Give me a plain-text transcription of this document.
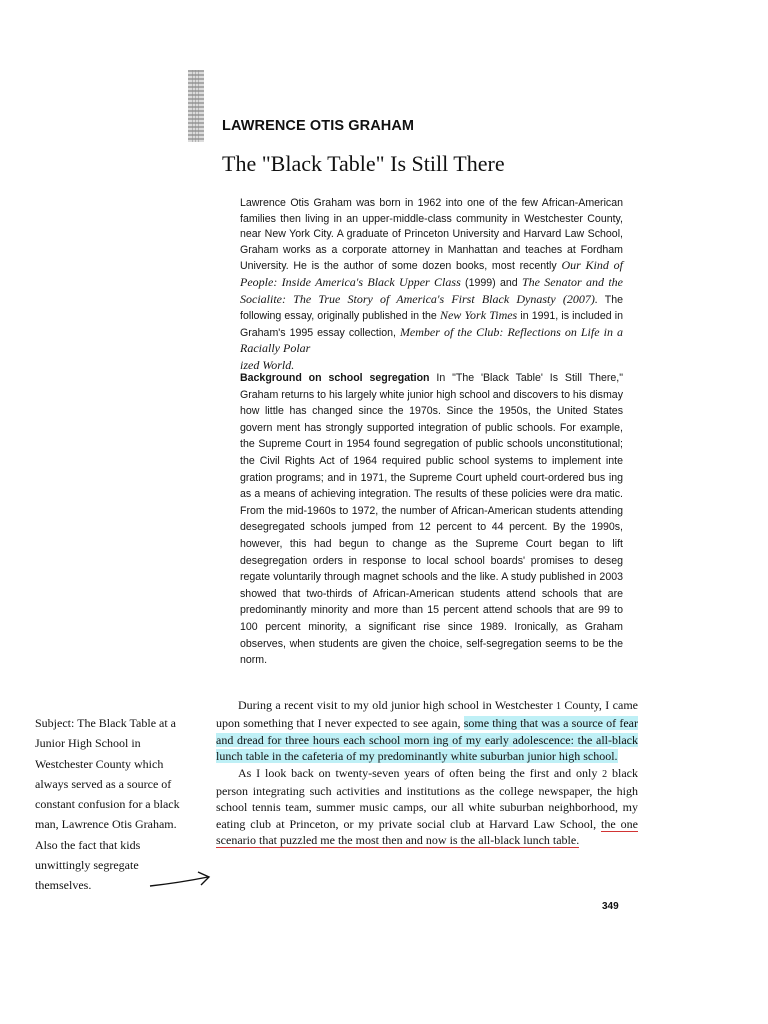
LAWRENCE OTIS GRAHAM
The "Black Table" Is Still There

Lawrence Otis Graham was born in 1962 into one of the few African-American families then living in an upper-middle-class community in Westchester County, near New York City. A graduate of Princeton University and Harvard Law School, Graham works as a corporate attorney in Manhattan and teaches at Fordham University. He is the author of some dozen books, most recently Our Kind of People: Inside America's Black Upper Class (1999) and The Senator and the Socialite: The True Story of America's First Black Dynasty (2007). The following essay, originally published in the New York Times in 1991, is included in Graham's 1995 essay collection, Member of the Club: Reflections on Life in a Racially Polar
ized World.

Background on school segregation In "The 'Black Table' Is Still There," Graham returns to his largely white junior high school and discovers to his dismay how little has changed since the 1970s. Since the 1950s, the United States govern ment has strongly supported integration of public schools. For example, the Supreme Court in 1954 found segregation of public schools unconstitutional; the Civil Rights Act of 1964 required public school systems to implement inte gration programs; and in 1971, the Supreme Court upheld court-ordered bus ing as a means of achieving integration. The results of these policies were dra matic. From the mid-1960s to 1972, the number of African-American students attending desegregated schools jumped from 12 percent to 44 percent. By the 1990s, however, this had begun to change as the Supreme Court began to lift desegregation orders in response to local school boards' promises to deseg regate voluntarily through magnet schools and the like. A study published in 2003 showed that two-thirds of African-American students attend schools that are predominantly minority and more than 15 percent attend schools that are 99 to 100 percent minority, a significant rise since 1989. Ironically, as Graham observes, when students are given the choice, self-segregation seems to be the norm.

During a recent visit to my old junior high school in Westchester 1 County, I came upon something that I never expected to see again, some thing that was a source of fear and dread for three hours each school morn ing of my early adolescence: the all-black lunch table in the cafeteria of my predominantly white suburban junior high school.

As I look back on twenty-seven years of often being the first and only 2 black person integrating such activities and institutions as the college newspaper, the high school tennis team, summer music camps, our all white suburban neighborhood, my eating club at Princeton, or my private social club at Harvard Law School, the one scenario that puzzled me the most then and now is the all-black lunch table.

349

Subject: The Black Table at a Junior High School in Westchester County which always served as a source of constant confusion for a black man, Lawrence Otis Graham. Also the fact that kids unwittingly segregate themselves.
